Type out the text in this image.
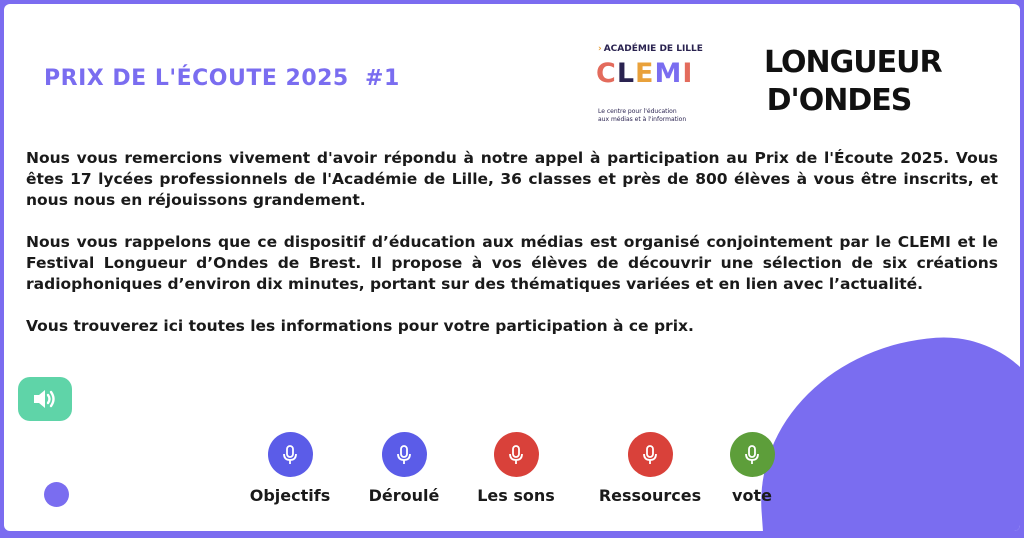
PRIX DE L'ÉCOUTE 2025  #1
› ACADÉMIE DE LILLE
CLEMI
Le centre pour l'éducation
aux médias et à l'information
LONGUEUR
D'ONDES

Nous vous remercions vivement d'avoir répondu à notre appel à participation au Prix de l'Écoute 2025. Vous êtes 17 lycées professionnels de l'Académie de Lille, 36 classes et près de 800 élèves à vous être inscrits, et nous nous en réjouissons grandement.

Nous vous rappelons que ce dispositif d’éducation aux médias est organisé conjointement par le CLEMI et le Festival Longueur d’Ondes de Brest. Il propose à vos élèves de découvrir une sélection de six créations radiophoniques d’environ dix minutes, portant sur des thématiques variées et en lien avec l’actualité.

Vous trouverez ici toutes les informations pour votre participation à ce prix.

Objectifs	Déroulé	Les sons	Ressources	vote
